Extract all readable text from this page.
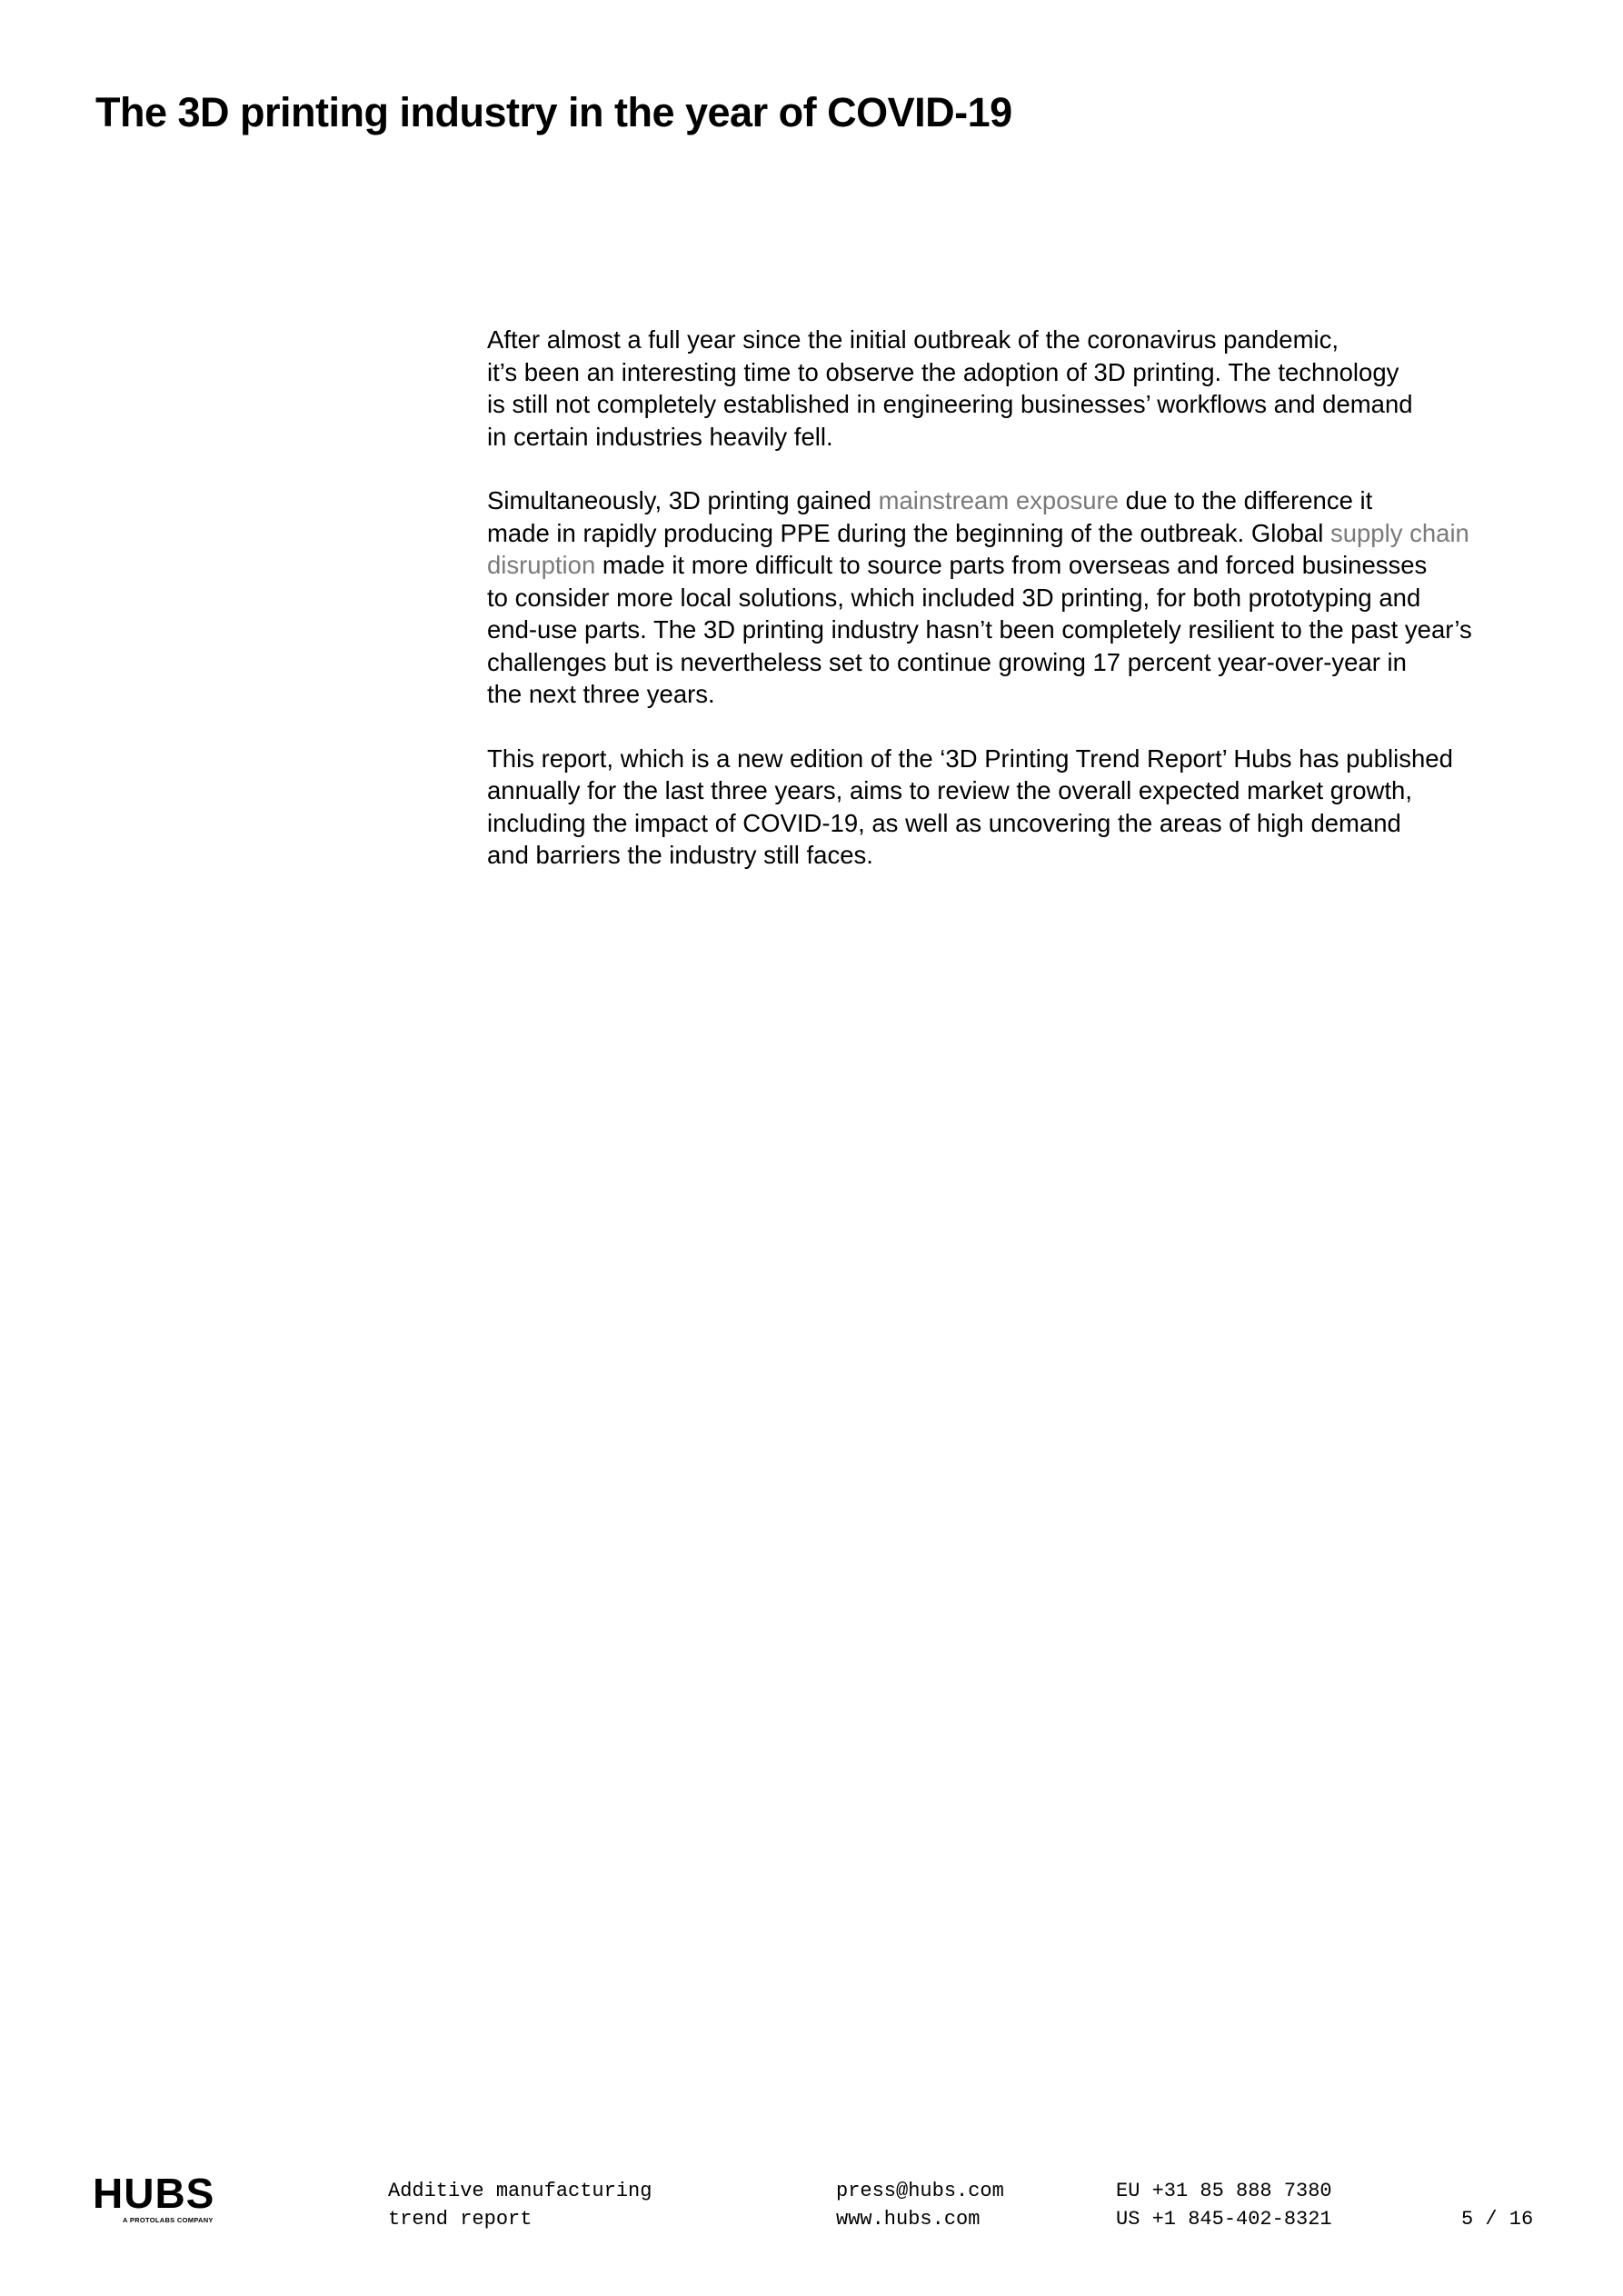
The 3D printing industry in the year of COVID-19

After almost a full year since the initial outbreak of the coronavirus pandemic,
it’s been an interesting time to observe the adoption of 3D printing. The technology
is still not completely established in engineering businesses’ workflows and demand
in certain industries heavily fell.

Simultaneously, 3D printing gained mainstream exposure due to the difference it
made in rapidly producing PPE during the beginning of the outbreak. Global supply chain
disruption made it more difficult to source parts from overseas and forced businesses
to consider more local solutions, which included 3D printing, for both prototyping and
end-use parts. The 3D printing industry hasn’t been completely resilient to the past year’s
challenges but is nevertheless set to continue growing 17 percent year-over-year in
the next three years.

This report, which is a new edition of the ‘3D Printing Trend Report’ Hubs has published
annually for the last three years, aims to review the overall expected market growth,
including the impact of COVID-19, as well as uncovering the areas of high demand
and barriers the industry still faces.

HUBS
A PROTOLABS COMPANY
Additive manufacturing
trend report
press@hubs.com
www.hubs.com
EU +31 85 888 7380
US +1 845-402-8321	5 / 16
